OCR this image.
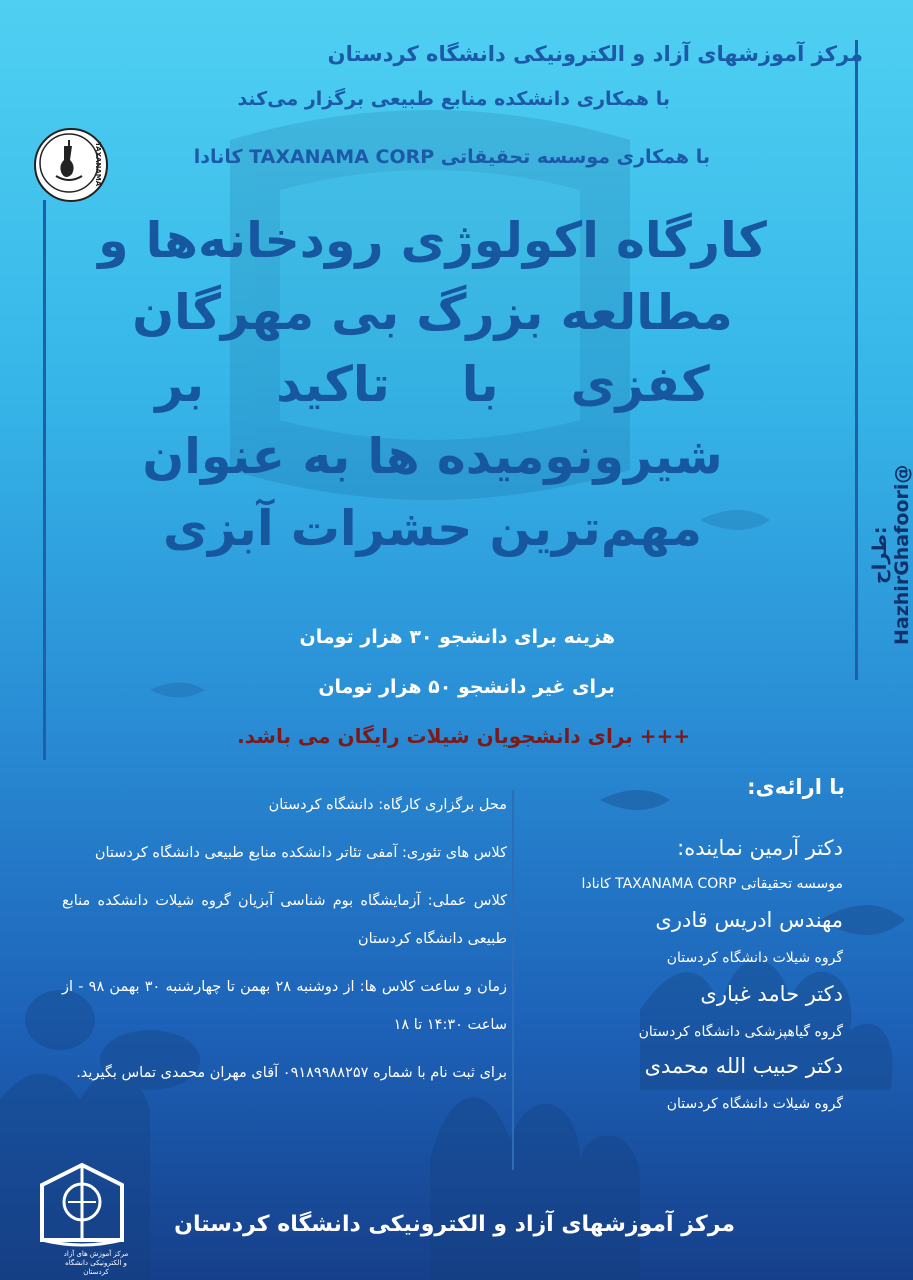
مرکز آموزشهای آزاد و الکترونیکی دانشگاه کردستان
با همکاری دانشکده منابع طبیعی برگزار می‌کند
با همکاری موسسه تحقیقاتی TAXANAMA CORP کانادا
TAXANAMA
کارگاه اکولوژی رودخانه‌ها و
مطالعه بزرگ بی مهرگان
کفزی با تاکید بر
شیرونومیده ها به عنوان
مهم‌ترین حشرات آبزی
طراح: HazhirGhafoori@
هزینه برای دانشجو ۳۰ هزار تومان
برای غیر دانشجو ۵۰ هزار تومان
+++ برای دانشجویان شیلات رایگان می باشد.
با ارائه‌ی:
دکتر آرمین نماینده:
موسسه تحقیقاتی TAXANAMA CORP کانادا
مهندس ادریس قادری
گروه شیلات دانشگاه کردستان
دکتر حامد غباری
گروه گیاهپزشکی دانشگاه کردستان
دکتر حبیب الله محمدی
گروه شیلات دانشگاه کردستان

محل برگزاری کارگاه: دانشگاه کردستان

کلاس های تئوری: آمفی تئاتر دانشکده منابع طبیعی دانشگاه کردستان

کلاس عملی: آزمایشگاه بوم شناسی آبزیان گروه شیلات دانشکده منابع طبیعی دانشگاه کردستان

زمان و ساعت کلاس ها: از دوشنبه ۲۸ بهمن تا چهارشنبه ۳۰ بهمن ۹۸ - از ساعت ۱۴:۳۰ تا ۱۸

برای ثبت نام با شماره ۰۹۱۸۹۹۸۸۲۵۷ آقای مهران محمدی تماس بگیرید.

مرکز آموزش های آزاد و الکترونیکی دانشگاه کردستان
مرکز آموزشهای آزاد و الکترونیکی دانشگاه کردستان
